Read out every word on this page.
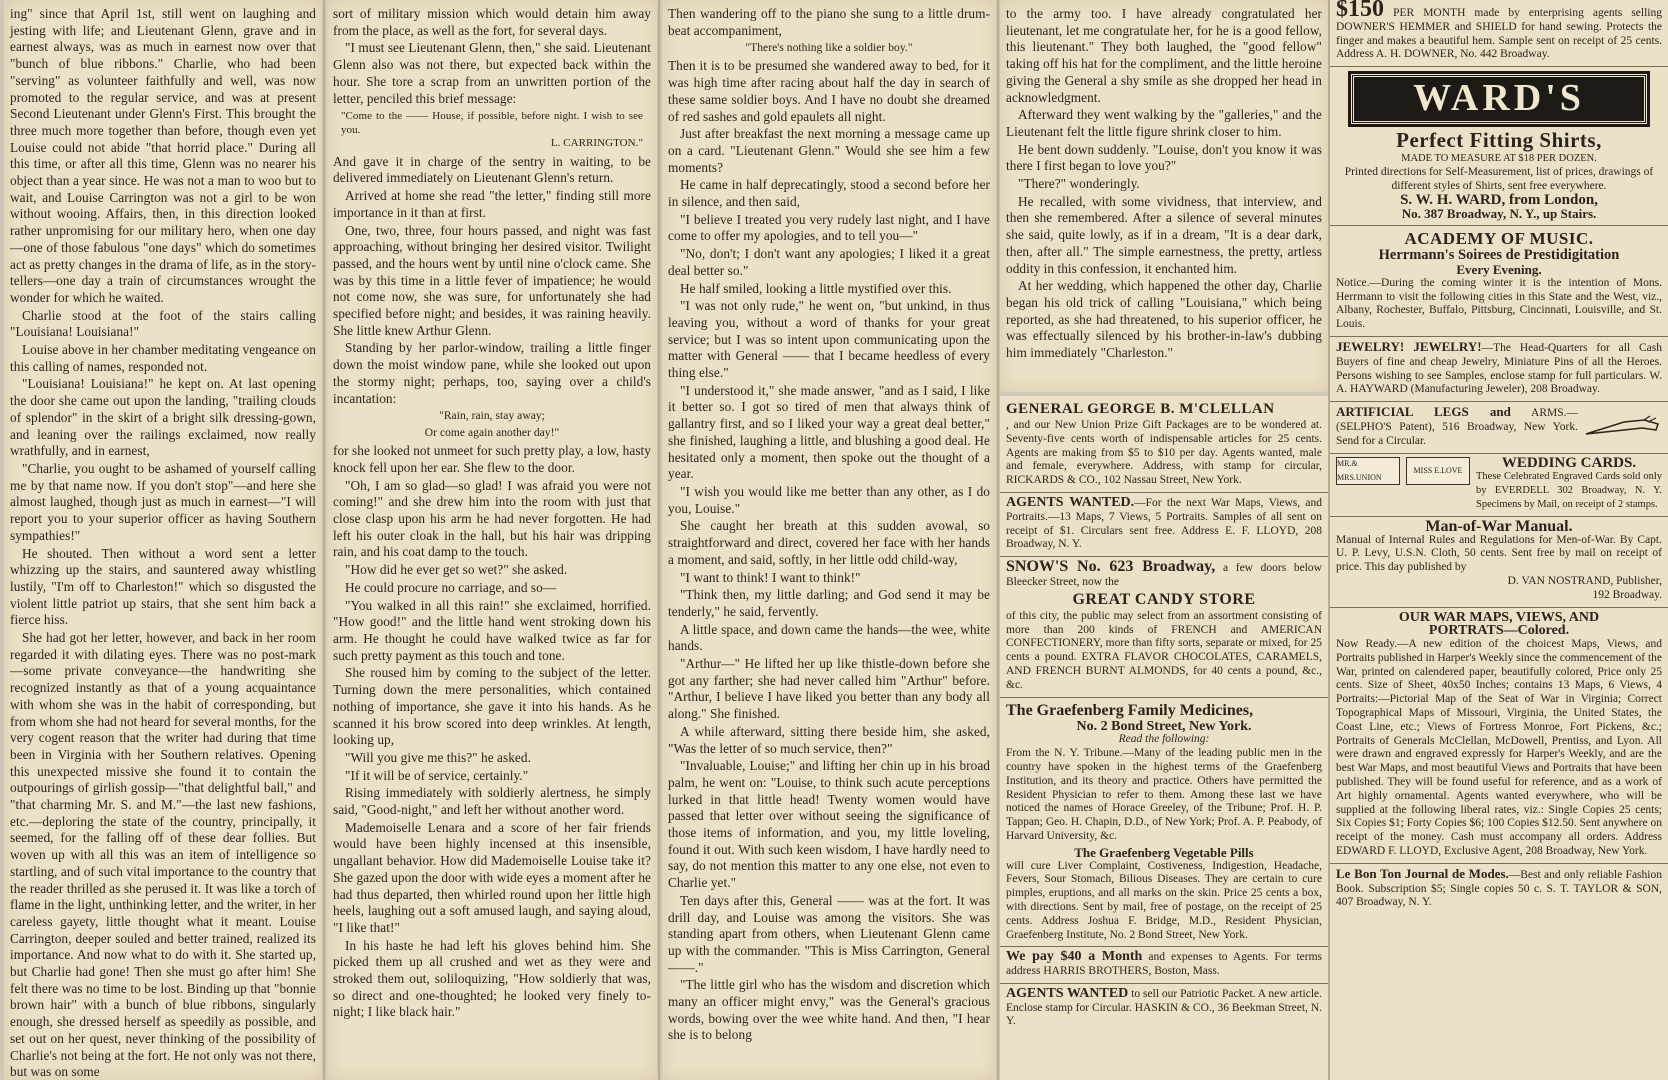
ing" since that April 1st, still went on laughing and jesting with life; and Lieutenant Glenn, grave and in earnest always, was as much in earnest now over that "bunch of blue ribbons." Charlie, who had been "serving" as volunteer faithfully and well, was now promoted to the regular service, and was at present Second Lieutenant under Glenn's First. This brought the three much more together than before, though even yet Louise could not abide "that horrid place." During all this time, or after all this time, Glenn was no nearer his object than a year since. He was not a man to woo but to wait, and Louise Carrington was not a girl to be won without wooing. Affairs, then, in this direction looked rather unpromising for our military hero, when one day—one of those fabulous "one days" which do sometimes act as pretty changes in the drama of life, as in the story-tellers—one day a train of circumstances wrought the wonder for which he waited.

Charlie stood at the foot of the stairs calling "Louisiana! Louisiana!"

Louise above in her chamber meditating vengeance on this calling of names, responded not.

"Louisiana! Louisiana!" he kept on. At last opening the door she came out upon the landing, "trailing clouds of splendor" in the skirt of a bright silk dressing-gown, and leaning over the railings exclaimed, now really wrathfully, and in earnest,

"Charlie, you ought to be ashamed of yourself calling me by that name now. If you don't stop"—and here she almost laughed, though just as much in earnest—"I will report you to your superior officer as having Southern sympathies!"

He shouted. Then without a word sent a letter whizzing up the stairs, and sauntered away whistling lustily, "I'm off to Charleston!" which so disgusted the violent little patriot up stairs, that she sent him back a fierce hiss.

She had got her letter, however, and back in her room regarded it with dilating eyes. There was no post-mark—some private conveyance—the handwriting she recognized instantly as that of a young acquaintance with whom she was in the habit of corresponding, but from whom she had not heard for several months, for the very cogent reason that the writer had during that time been in Virginia with her Southern relatives. Opening this unexpected missive she found it to contain the outpourings of girlish gossip—"that delightful ball," and "that charming Mr. S. and M."—the last new fashions, etc.—deploring the state of the country, principally, it seemed, for the falling off of these dear follies. But woven up with all this was an item of intelligence so startling, and of such vital importance to the country that the reader thrilled as she perused it. It was like a torch of flame in the light, unthinking letter, and the writer, in her careless gayety, little thought what it meant. Louise Carrington, deeper souled and better trained, realized its importance. And now what to do with it. She started up, but Charlie had gone! Then she must go after him! She felt there was no time to be lost. Binding up that "bonnie brown hair" with a bunch of blue ribbons, singularly enough, she dressed herself as speedily as possible, and set out on her quest, never thinking of the possibility of Charlie's not being at the fort. He not only was not there, but was on some

sort of military mission which would detain him away from the place, as well as the fort, for several days.

"I must see Lieutenant Glenn, then," she said. Lieutenant Glenn also was not there, but expected back within the hour. She tore a scrap from an unwritten portion of the letter, penciled this brief message:

"Come to the —— House, if possible, before night. I wish to see you.
L. CARRINGTON."

And gave it in charge of the sentry in waiting, to be delivered immediately on Lieutenant Glenn's return.

Arrived at home she read "the letter," finding still more importance in it than at first.

One, two, three, four hours passed, and night was fast approaching, without bringing her desired visitor. Twilight passed, and the hours went by until nine o'clock came. She was by this time in a little fever of impatience; he would not come now, she was sure, for unfortunately she had specified before night; and besides, it was raining heavily. She little knew Arthur Glenn.

Standing by her parlor-window, trailing a little finger down the moist window pane, while she looked out upon the stormy night; perhaps, too, saying over a child's incantation:

"Rain, rain, stay away;

Or come again another day!"

for she looked not unmeet for such pretty play, a low, hasty knock fell upon her ear. She flew to the door.

"Oh, I am so glad—so glad! I was afraid you were not coming!" and she drew him into the room with just that close clasp upon his arm he had never forgotten. He had left his outer cloak in the hall, but his hair was dripping rain, and his coat damp to the touch.

"How did he ever get so wet?" she asked.

He could procure no carriage, and so—

"You walked in all this rain!" she exclaimed, horrified. "How good!" and the little hand went stroking down his arm. He thought he could have walked twice as far for such pretty payment as this touch and tone.

She roused him by coming to the subject of the letter. Turning down the mere personalities, which contained nothing of importance, she gave it into his hands. As he scanned it his brow scored into deep wrinkles. At length, looking up,

"Will you give me this?" he asked.

"If it will be of service, certainly."

Rising immediately with soldierly alertness, he simply said, "Good-night," and left her without another word.

Mademoiselle Lenara and a score of her fair friends would have been highly incensed at this insensible, ungallant behavior. How did Mademoiselle Louise take it? She gazed upon the door with wide eyes a moment after he had thus departed, then whirled round upon her little high heels, laughing out a soft amused laugh, and saying aloud, "I like that!"

In his haste he had left his gloves behind him. She picked them up all crushed and wet as they were and stroked them out, soliloquizing, "How soldierly that was, so direct and one-thoughted; he looked very finely to-night; I like black hair."

Then wandering off to the piano she sung to a little drum-beat accompaniment,

"There's nothing like a soldier boy."

Then it is to be presumed she wandered away to bed, for it was high time after racing about half the day in search of these same soldier boys. And I have no doubt she dreamed of red sashes and gold epaulets all night.

Just after breakfast the next morning a message came up on a card. "Lieutenant Glenn." Would she see him a few moments?

He came in half deprecatingly, stood a second before her in silence, and then said,

"I believe I treated you very rudely last night, and I have come to offer my apologies, and to tell you—"

"No, don't; I don't want any apologies; I liked it a great deal better so."

He half smiled, looking a little mystified over this.

"I was not only rude," he went on, "but unkind, in thus leaving you, without a word of thanks for your great service; but I was so intent upon communicating upon the matter with General —— that I became heedless of every thing else."

"I understood it," she made answer, "and as I said, I like it better so. I got so tired of men that always think of gallantry first, and so I liked your way a great deal better," she finished, laughing a little, and blushing a good deal. He hesitated only a moment, then spoke out the thought of a year.

"I wish you would like me better than any other, as I do you, Louise."

She caught her breath at this sudden avowal, so straightforward and direct, covered her face with her hands a moment, and said, softly, in her little odd child-way,

"I want to think! I want to think!"

"Think then, my little darling; and God send it may be tenderly," he said, fervently.

A little space, and down came the hands—the wee, white hands.

"Arthur—" He lifted her up like thistle-down before she got any farther; she had never called him "Arthur" before. "Arthur, I believe I have liked you better than any body all along." She finished.

A while afterward, sitting there beside him, she asked, "Was the letter of so much service, then?"

"Invaluable, Louise;" and lifting her chin up in his broad palm, he went on: "Louise, to think such acute perceptions lurked in that little head! Twenty women would have passed that letter over without seeing the significance of those items of information, and you, my little loveling, found it out. With such keen wisdom, I have hardly need to say, do not mention this matter to any one else, not even to Charlie yet."

Ten days after this, General —— was at the fort. It was drill day, and Louise was among the visitors. She was standing apart from others, when Lieutenant Glenn came up with the commander. "This is Miss Carrington, General ——."

"The little girl who has the wisdom and discretion which many an officer might envy," was the General's gracious words, bowing over the wee white hand. And then, "I hear she is to belong

to the army too. I have already congratulated her lieutenant, let me congratulate her, for he is a good fellow, this lieutenant." They both laughed, the "good fellow" taking off his hat for the compliment, and the little heroine giving the General a shy smile as she dropped her head in acknowledgment.

Afterward they went walking by the "galleries," and the Lieutenant felt the little figure shrink closer to him.

He bent down suddenly. "Louise, don't you know it was there I first began to love you?"

"There?" wonderingly.

He recalled, with some vividness, that interview, and then she remembered. After a silence of several minutes she said, quite lowly, as if in a dream, "It is a dear dark, then, after all." The simple earnestness, the pretty, artless oddity in this confession, it enchanted him.

At her wedding, which happened the other day, Charlie began his old trick of calling "Louisiana," which being reported, as she had threatened, to his superior officer, he was effectually silenced by his brother-in-law's dubbing him immediately "Charleston."

GENERAL GEORGE B. M'CLELLAN
, and our New Union Prize Gift Packages are to be wondered at. Seventy-five cents worth of indispensable articles for 25 cents. Agents are making from $5 to $10 per day. Agents wanted, male and female, everywhere. Address, with stamp for circular, RICKARDS & CO., 102 Nassau Street, New York.
AGENTS WANTED.—For the next War Maps, Views, and Portraits.—13 Maps, 7 Views, 5 Portraits. Samples of all sent on receipt of $1. Circulars sent free. Address E. F. LLOYD, 208 Broadway, N. Y.
SNOW'S No. 623 Broadway, a few doors below Bleecker Street, now the
GREAT CANDY STORE
of this city, the public may select from an assortment consisting of more than 200 kinds of FRENCH and AMERICAN CONFECTIONERY, more than fifty sorts, separate or mixed, for 25 cents a pound. EXTRA FLAVOR CHOCOLATES, CARAMELS, AND FRENCH BURNT ALMONDS, for 40 cents a pound, &c., &c.
The Graefenberg Family Medicines,
No. 2 Bond Street, New York.
Read the following:
From the N. Y. Tribune.—Many of the leading public men in the country have spoken in the highest terms of the Graefenberg Institution, and its theory and practice. Others have permitted the Resident Physician to refer to them. Among these last we have noticed the names of Horace Greeley, of the Tribune; Prof. H. P. Tappan; Geo. H. Chapin, D.D., of New York; Prof. A. P. Peabody, of Harvard University, &c.
The Graefenberg Vegetable Pills
will cure Liver Complaint, Costiveness, Indigestion, Headache, Fevers, Sour Stomach, Bilious Diseases. They are certain to cure pimples, eruptions, and all marks on the skin. Price 25 cents a box, with directions. Sent by mail, free of postage, on the receipt of 25 cents. Address Joshua F. Bridge, M.D., Resident Physician, Graefenberg Institute, No. 2 Bond Street, New York.
We pay $40 a Month and expenses to Agents. For terms address HARRIS BROTHERS, Boston, Mass.
AGENTS WANTED to sell our Patriotic Packet. A new article. Enclose stamp for Circular. HASKIN & CO., 36 Beekman Street, N. Y.
$150 PER MONTH made by enterprising agents selling DOWNER'S HEMMER and SHIELD for hand sewing. Protects the finger and makes a beautiful hem. Sample sent on receipt of 25 cents. Address A. H. DOWNER, No. 442 Broadway.
WARD'S
Perfect Fitting Shirts,
MADE TO MEASURE AT $18 PER DOZEN.
Printed directions for Self-Measurement, list of prices, drawings of different styles of Shirts, sent free everywhere.
S. W. H. WARD, from London,
No. 387 Broadway, N. Y., up Stairs.
ACADEMY OF MUSIC.
Herrmann's Soirees de Prestidigitation
Every Evening.
Notice.—During the coming winter it is the intention of Mons. Herrmann to visit the following cities in this State and the West, viz., Albany, Rochester, Buffalo, Pittsburg, Cincinnati, Louisville, and St. Louis.
JEWELRY! JEWELRY!—The Head-Quarters for all Cash Buyers of fine and cheap Jewelry, Miniature Pins of all the Heroes. Persons wishing to see Samples, enclose stamp for full particulars. W. A. HAYWARD (Manufacturing Jeweler), 208 Broadway.
ARTIFICIAL LEGS and ARMS.—(SELPHO'S Patent), 516 Broadway, New York. Send for a Circular.
MR.& MRS.UNION
MISS E.LOVE	WEDDING CARDS.
These Celebrated Engraved Cards sold only by EVERDELL 302 Broadway, N. Y. Specimens by Mail, on receipt of 2 stamps.
Man-of-War Manual.
Manual of Internal Rules and Regulations for Men-of-War. By Capt. U. P. Levy, U.S.N. Cloth, 50 cents. Sent free by mail on receipt of price. This day published by
D. VAN NOSTRAND, Publisher,
192 Broadway.
OUR WAR MAPS, VIEWS, AND
PORTRATS—Colored.
Now Ready.—A new edition of the choicest Maps, Views, and Portraits published in Harper's Weekly since the commencement of the War, printed on calendered paper, beautifully colored, Price only 25 cents. Size of Sheet, 40x50 Inches; contains 13 Maps, 6 Views, 4 Portraits:—Pictorial Map of the Seat of War in Virginia; Correct Topographical Maps of Missouri, Virginia, the United States, the Coast Line, etc.; Views of Fortress Monroe, Fort Pickens, &c.; Portraits of Generals McClellan, McDowell, Prentiss, and Lyon. All were drawn and engraved expressly for Harper's Weekly, and are the best War Maps, and most beautiful Views and Portraits that have been published. They will be found useful for reference, and as a work of Art highly ornamental. Agents wanted everywhere, who will be supplied at the following liberal rates, viz.: Single Copies 25 cents; Six Copies $1; Forty Copies $6; 100 Copies $12.50. Sent anywhere on receipt of the money. Cash must accompany all orders. Address EDWARD F. LLOYD, Exclusive Agent, 208 Broadway, New York.
Le Bon Ton Journal de Modes.—Best and only reliable Fashion Book. Subscription $5; Single copies 50 c. S. T. TAYLOR & SON, 407 Broadway, N. Y.
